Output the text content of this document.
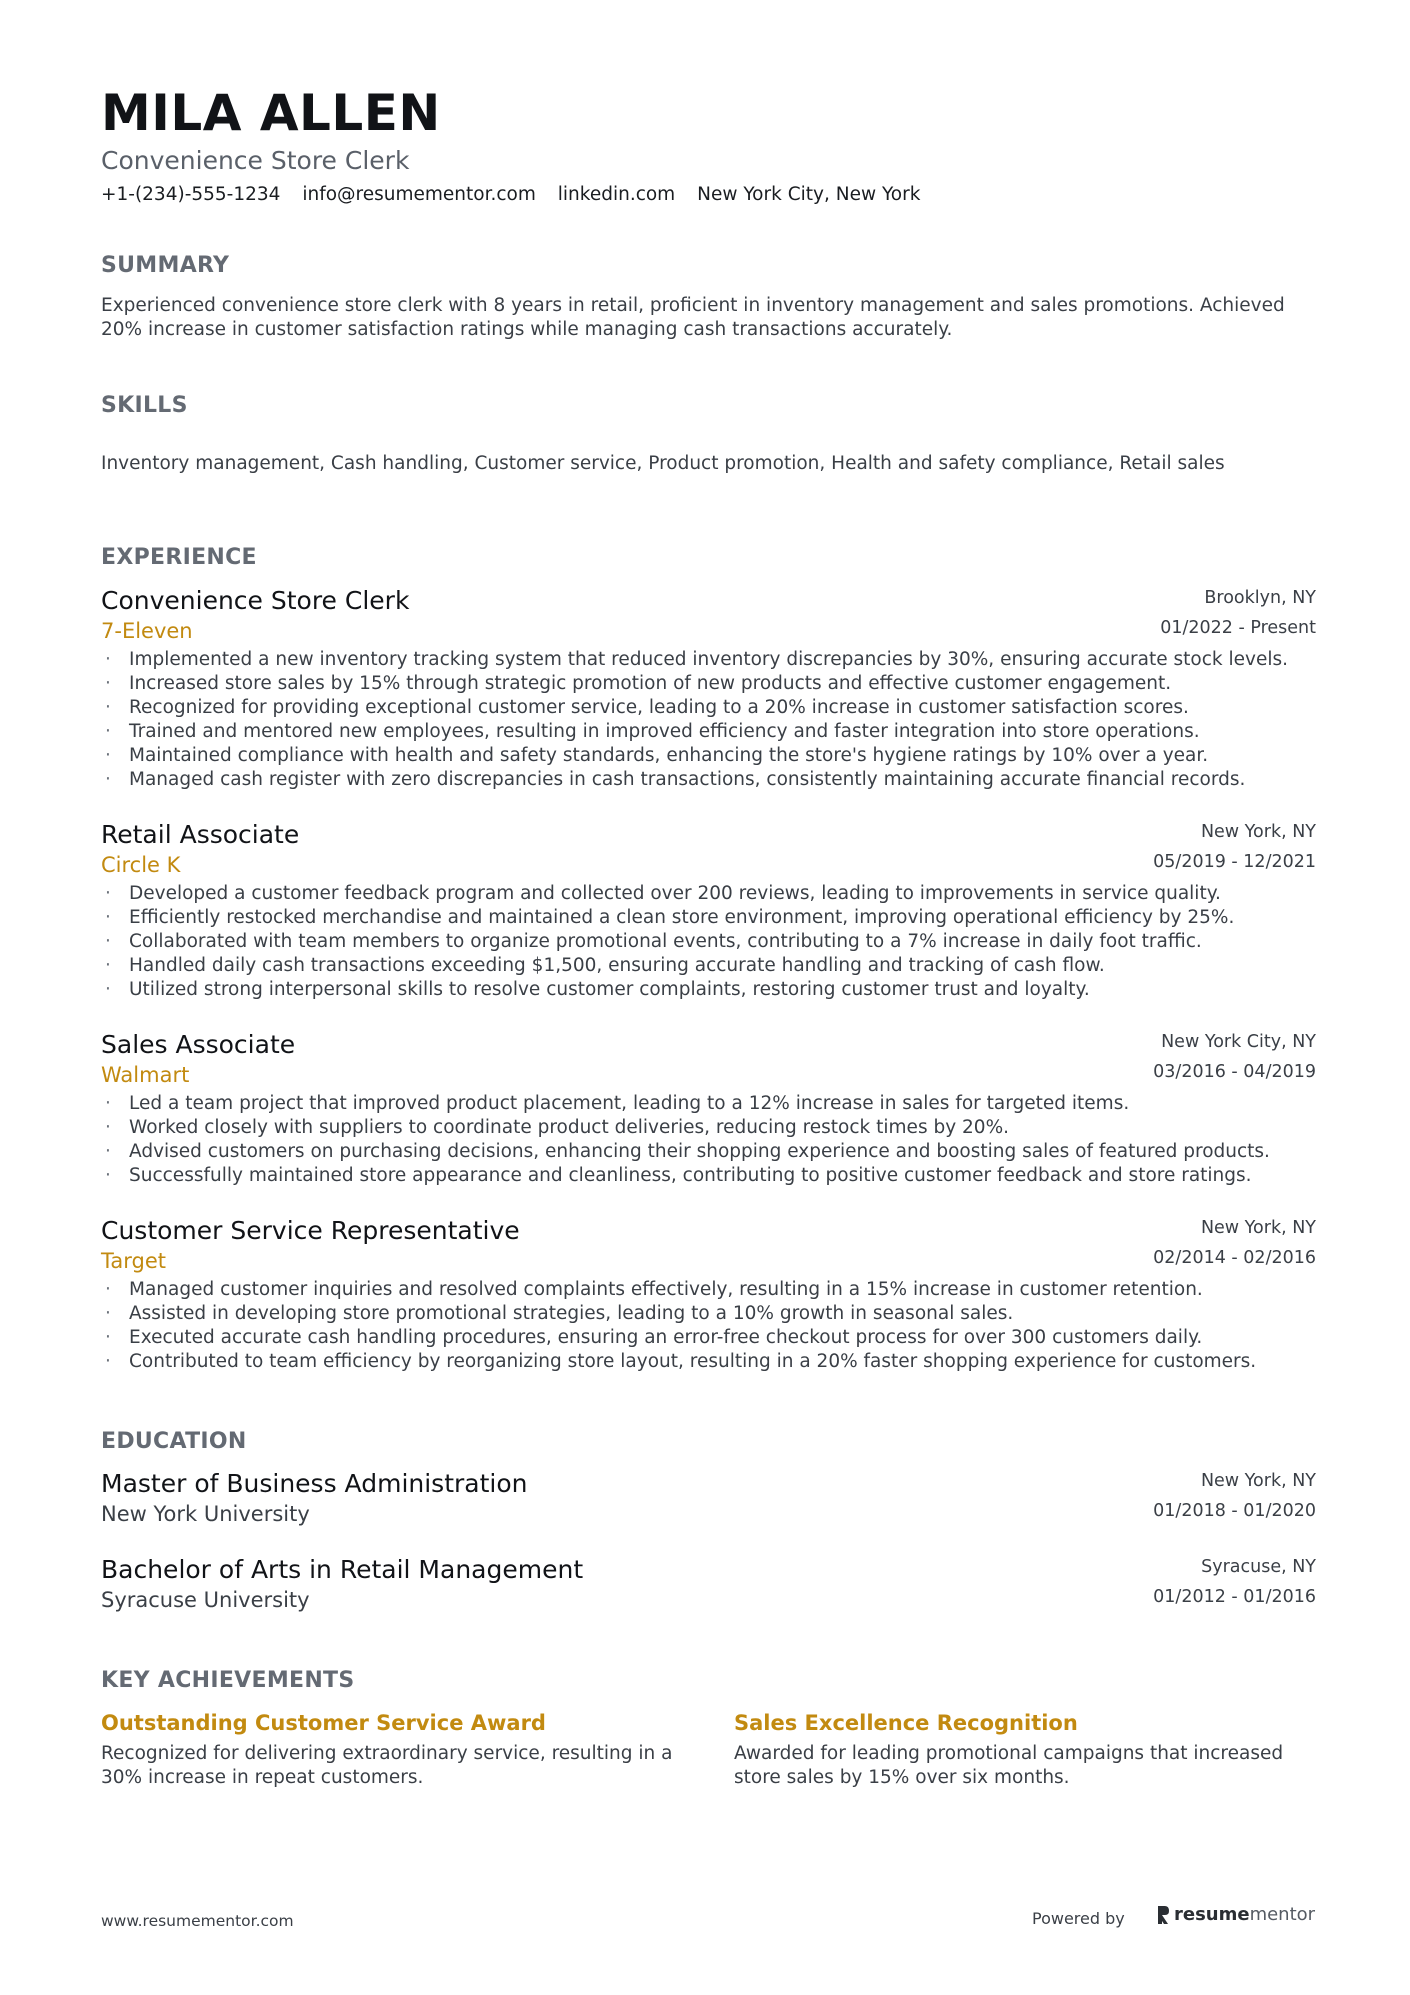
MILA ALLEN
Convenience Store Clerk
+1-(234)-555-1234 info@resumementor.com linkedin.com New York City, New York
SUMMARY
Experienced convenience store clerk with 8 years in retail, proficient in inventory management and sales promotions. Achieved 20% increase in customer satisfaction ratings while managing cash transactions accurately.
SKILLS
Inventory management, Cash handling, Customer service, Product promotion, Health and safety compliance, Retail sales
EXPERIENCE
Convenience Store Clerk
7-Eleven
Brooklyn, NY
01/2022 - Present
· Implemented a new inventory tracking system that reduced inventory discrepancies by 30%, ensuring accurate stock levels.
· Increased store sales by 15% through strategic promotion of new products and effective customer engagement.
· Recognized for providing exceptional customer service, leading to a 20% increase in customer satisfaction scores.
· Trained and mentored new employees, resulting in improved efficiency and faster integration into store operations.
· Maintained compliance with health and safety standards, enhancing the store's hygiene ratings by 10% over a year.
· Managed cash register with zero discrepancies in cash transactions, consistently maintaining accurate financial records.
Retail Associate
Circle K
New York, NY
05/2019 - 12/2021
· Developed a customer feedback program and collected over 200 reviews, leading to improvements in service quality.
· Efficiently restocked merchandise and maintained a clean store environment, improving operational efficiency by 25%.
· Collaborated with team members to organize promotional events, contributing to a 7% increase in daily foot traffic.
· Handled daily cash transactions exceeding $1,500, ensuring accurate handling and tracking of cash flow.
· Utilized strong interpersonal skills to resolve customer complaints, restoring customer trust and loyalty.
Sales Associate
Walmart
New York City, NY
03/2016 - 04/2019
· Led a team project that improved product placement, leading to a 12% increase in sales for targeted items.
· Worked closely with suppliers to coordinate product deliveries, reducing restock times by 20%.
· Advised customers on purchasing decisions, enhancing their shopping experience and boosting sales of featured products.
· Successfully maintained store appearance and cleanliness, contributing to positive customer feedback and store ratings.
Customer Service Representative
Target
New York, NY
02/2014 - 02/2016
· Managed customer inquiries and resolved complaints effectively, resulting in a 15% increase in customer retention.
· Assisted in developing store promotional strategies, leading to a 10% growth in seasonal sales.
· Executed accurate cash handling procedures, ensuring an error-free checkout process for over 300 customers daily.
· Contributed to team efficiency by reorganizing store layout, resulting in a 20% faster shopping experience for customers.
EDUCATION
Master of Business Administration
New York University
New York, NY
01/2018 - 01/2020
Bachelor of Arts in Retail Management
Syracuse University
Syracuse, NY
01/2012 - 01/2016
KEY ACHIEVEMENTS
Outstanding Customer Service Award
Recognized for delivering extraordinary service, resulting in a 30% increase in repeat customers.
Sales Excellence Recognition
Awarded for leading promotional campaigns that increased store sales by 15% over six months.
www.resumementor.com	Powered by	resumementor
